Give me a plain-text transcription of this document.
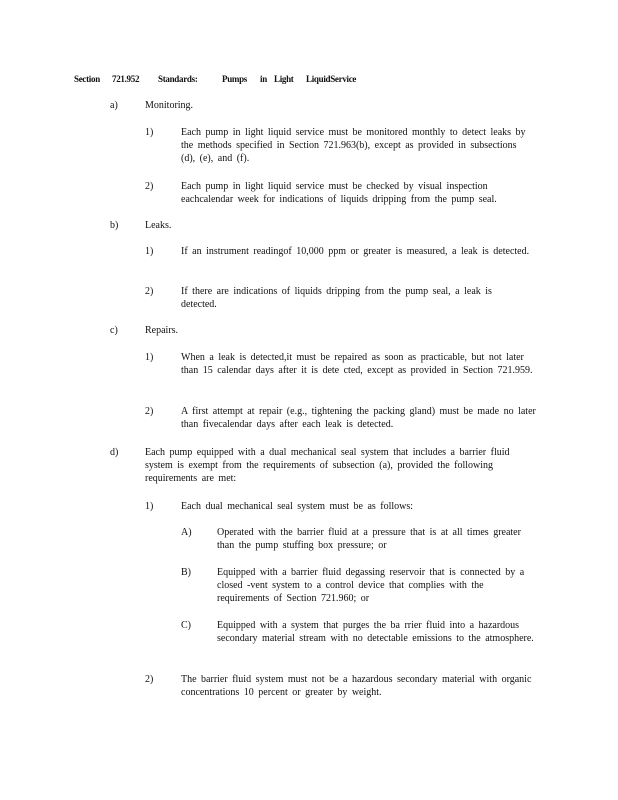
Section 721.952 Standards:	Pumps in Light LiquidService
a)	Monitoring.
1)	Each pump in light liquid service must be monitored monthly to detect leaks by the methods specified in Section 721.963(b), except as provided in subsections (d), (e), and (f).
2)	Each pump in light liquid service must be checked by visual inspection eachcalendar week for indications of liquids dripping from the pump seal.
b)	Leaks.
1)	If an instrument readingof 10,000 ppm or greater is measured, a leak is detected.
2)	If there are indications of liquids dripping from the pump seal, a leak is detected.
c)	Repairs.
1)	When a leak is detected,it must be repaired as soon as practicable, but not later than 15 calendar days after it is dete cted, except as provided in Section 721.959.
2)	A first attempt at repair (e.g., tightening the packing gland) must be made no later than fivecalendar days after each leak is detected.
d)	Each pump equipped with a dual mechanical seal system that includes a barrier fluid system is exempt from the requirements of subsection (a), provided the following requirements are met:
1)	Each dual mechanical seal system must be as follows:
A)	Operated with the barrier fluid at a pressure that is at all times greater than the pump stuffing box pressure; or
B)	Equipped with a barrier fluid degassing reservoir that is connected by a closed -vent system to a control device that complies with the requirements of Section 721.960; or
C)	Equipped with a system that purges the ba rrier fluid into a hazardous secondary material stream with no detectable emissions to the atmosphere.
2)	The barrier fluid system must not be a hazardous secondary material with organic concentrations 10 percent or greater by weight.
